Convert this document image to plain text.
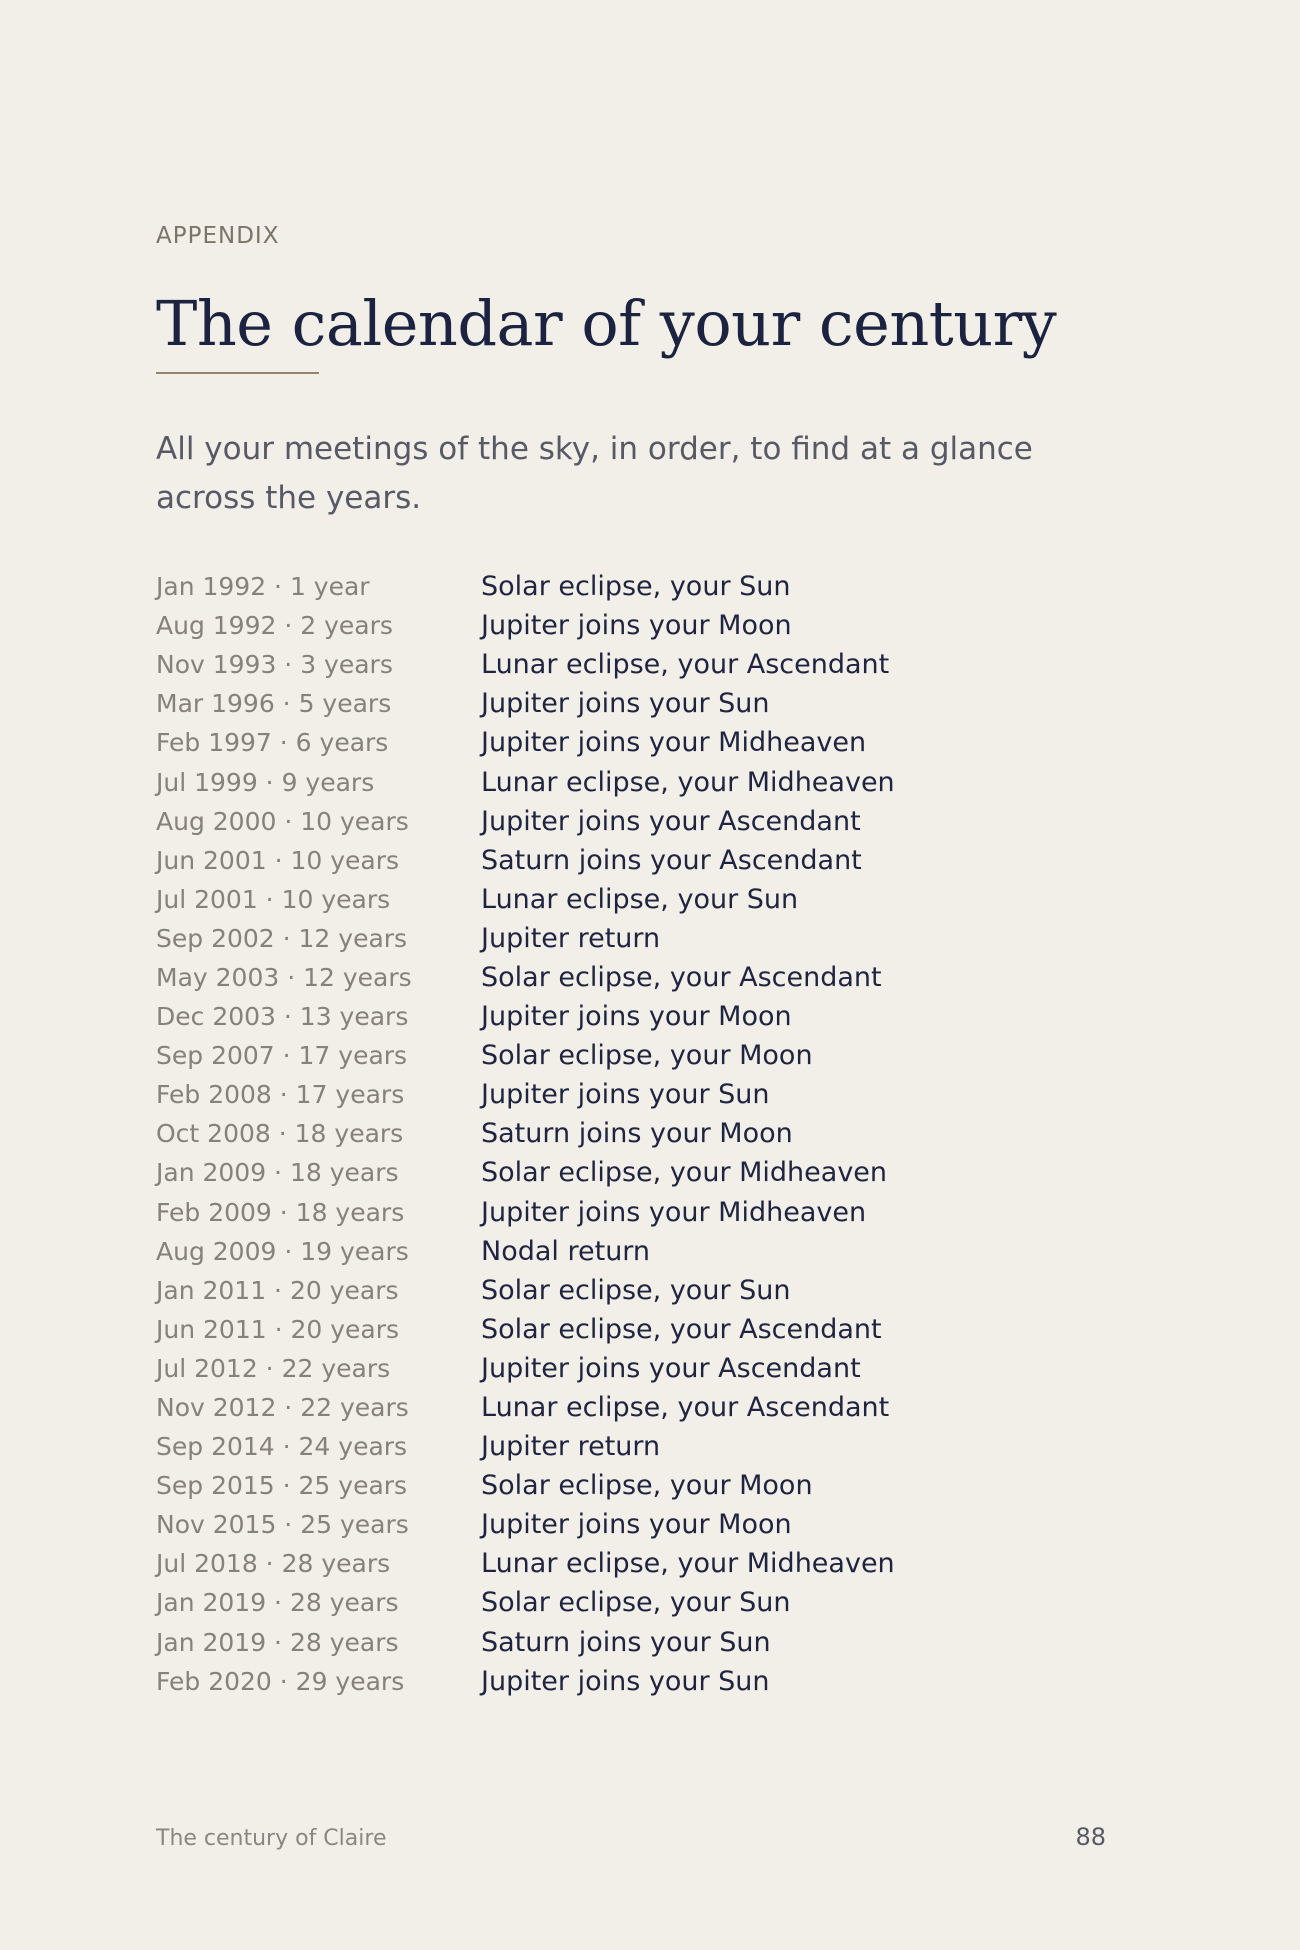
APPENDIX

The calendar of your century

All your meetings of the sky, in order, to find at a glance across the years.

Jan 1992 · 1 year	Solar eclipse, your Sun
Aug 1992 · 2 years	Jupiter joins your Moon
Nov 1993 · 3 years	Lunar eclipse, your Ascendant
Mar 1996 · 5 years	Jupiter joins your Sun
Feb 1997 · 6 years	Jupiter joins your Midheaven
Jul 1999 · 9 years	Lunar eclipse, your Midheaven
Aug 2000 · 10 years	Jupiter joins your Ascendant
Jun 2001 · 10 years	Saturn joins your Ascendant
Jul 2001 · 10 years	Lunar eclipse, your Sun
Sep 2002 · 12 years	Jupiter return
May 2003 · 12 years	Solar eclipse, your Ascendant
Dec 2003 · 13 years	Jupiter joins your Moon
Sep 2007 · 17 years	Solar eclipse, your Moon
Feb 2008 · 17 years	Jupiter joins your Sun
Oct 2008 · 18 years	Saturn joins your Moon
Jan 2009 · 18 years	Solar eclipse, your Midheaven
Feb 2009 · 18 years	Jupiter joins your Midheaven
Aug 2009 · 19 years	Nodal return
Jan 2011 · 20 years	Solar eclipse, your Sun
Jun 2011 · 20 years	Solar eclipse, your Ascendant
Jul 2012 · 22 years	Jupiter joins your Ascendant
Nov 2012 · 22 years	Lunar eclipse, your Ascendant
Sep 2014 · 24 years	Jupiter return
Sep 2015 · 25 years	Solar eclipse, your Moon
Nov 2015 · 25 years	Jupiter joins your Moon
Jul 2018 · 28 years	Lunar eclipse, your Midheaven
Jan 2019 · 28 years	Solar eclipse, your Sun
Jan 2019 · 28 years	Saturn joins your Sun
Feb 2020 · 29 years	Jupiter joins your Sun

The century of Claire	88
